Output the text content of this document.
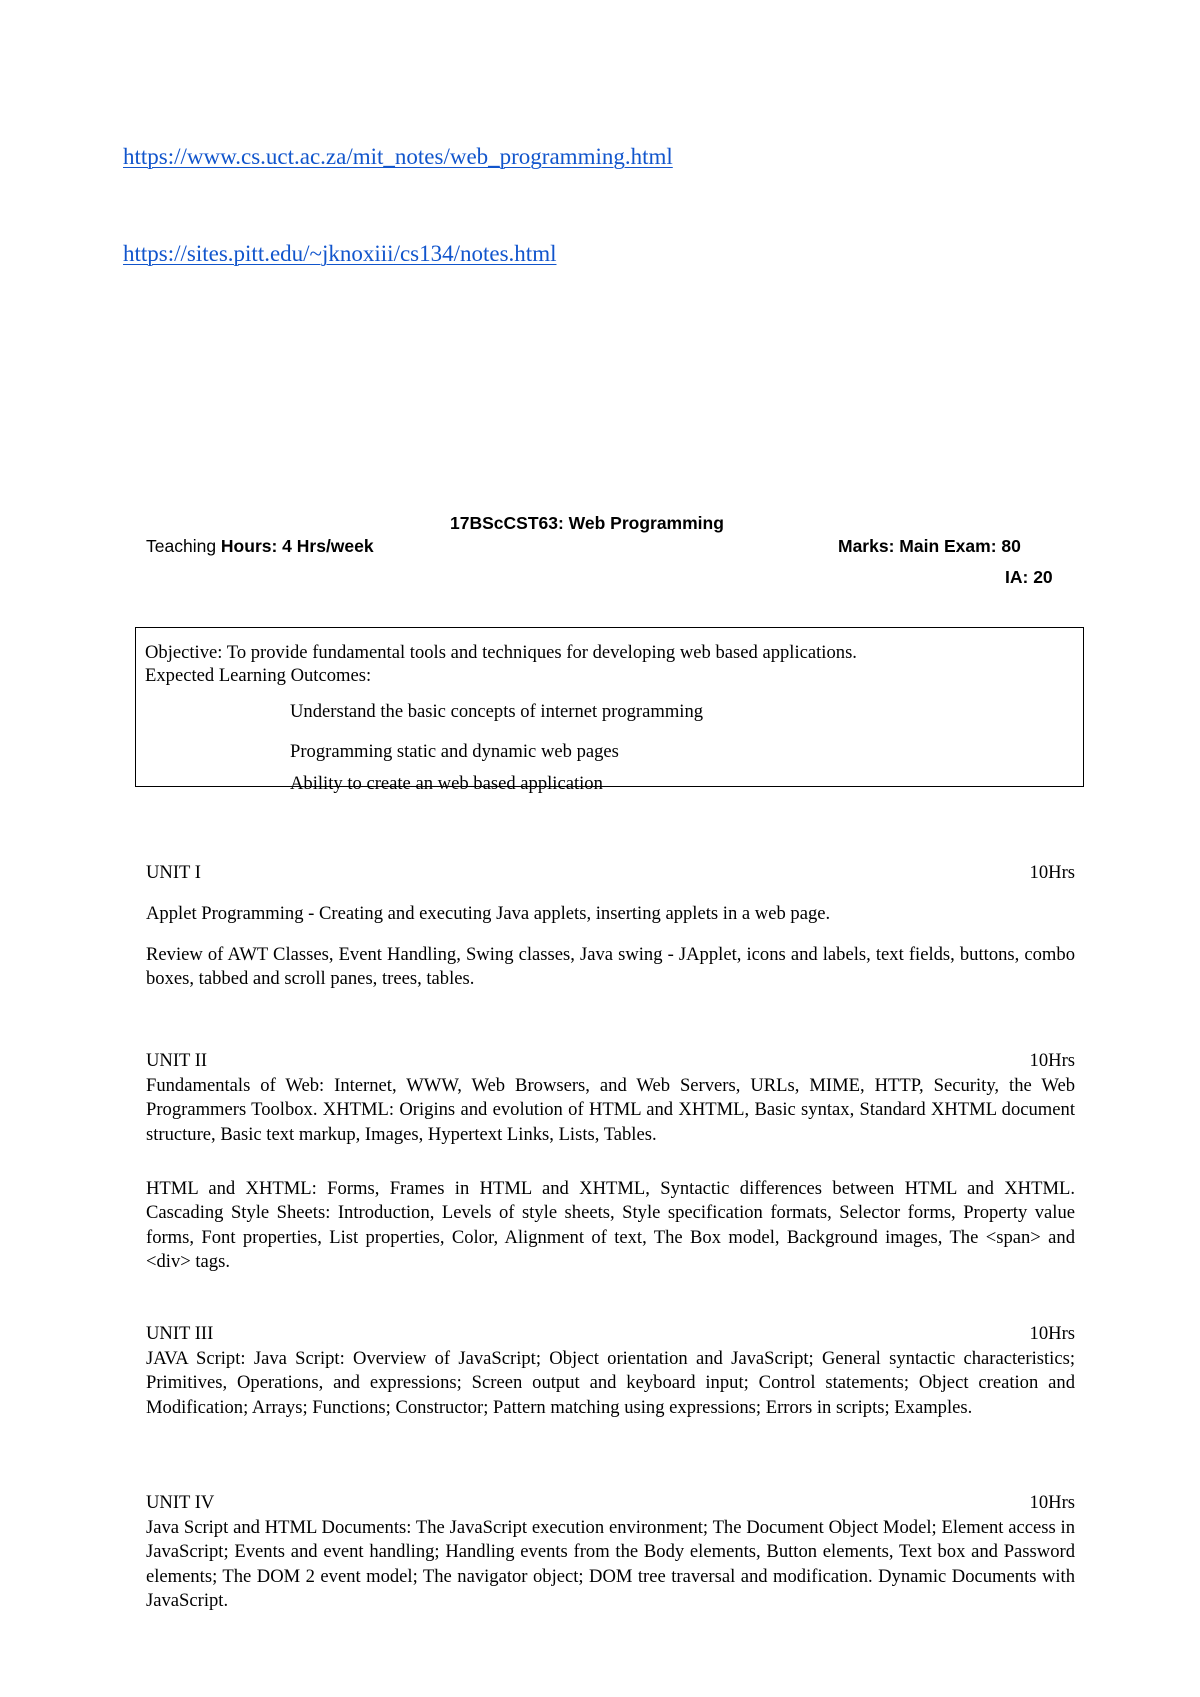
https://www.cs.uct.ac.za/mit_notes/web_programming.html
https://sites.pitt.edu/~jknoxiii/cs134/notes.html
17BScCST63: Web Programming
Teaching Hours: 4 Hrs/week	Marks: Main Exam: 80
IA: 20
Objective: To provide fundamental tools and techniques for developing web based applications.
Expected Learning Outcomes:
Understand the basic concepts of internet programming
Programming static and dynamic web pages
Ability to create an web based application
UNIT I	10Hrs
Applet Programming - Creating and executing Java applets, inserting applets in a web page.
Review of AWT Classes, Event Handling, Swing classes, Java swing - JApplet, icons and labels, text fields, buttons, combo boxes, tabbed and scroll panes, trees, tables.
UNIT II	10Hrs
Fundamentals of Web: Internet, WWW, Web Browsers, and Web Servers, URLs, MIME, HTTP, Security, the Web Programmers Toolbox. XHTML: Origins and evolution of HTML and XHTML, Basic syntax, Standard XHTML document structure, Basic text markup, Images, Hypertext Links, Lists, Tables.
HTML and XHTML: Forms, Frames in HTML and XHTML, Syntactic differences between HTML and XHTML. Cascading Style Sheets: Introduction, Levels of style sheets, Style specification formats, Selector forms, Property value forms, Font properties, List properties, Color, Alignment of text, The Box model, Background images, The <span> and <div> tags.
UNIT III	10Hrs
JAVA Script: Java Script: Overview of JavaScript; Object orientation and JavaScript; General syntactic characteristics; Primitives, Operations, and expressions; Screen output and keyboard input; Control statements; Object creation and Modification; Arrays; Functions; Constructor; Pattern matching using expressions; Errors in scripts; Examples.
UNIT IV	10Hrs
Java Script and HTML Documents: The JavaScript execution environment; The Document Object Model; Element access in JavaScript; Events and event handling; Handling events from the Body elements, Button elements, Text box and Password elements; The DOM 2 event model; The navigator object; DOM tree traversal and modification. Dynamic Documents with JavaScript.
